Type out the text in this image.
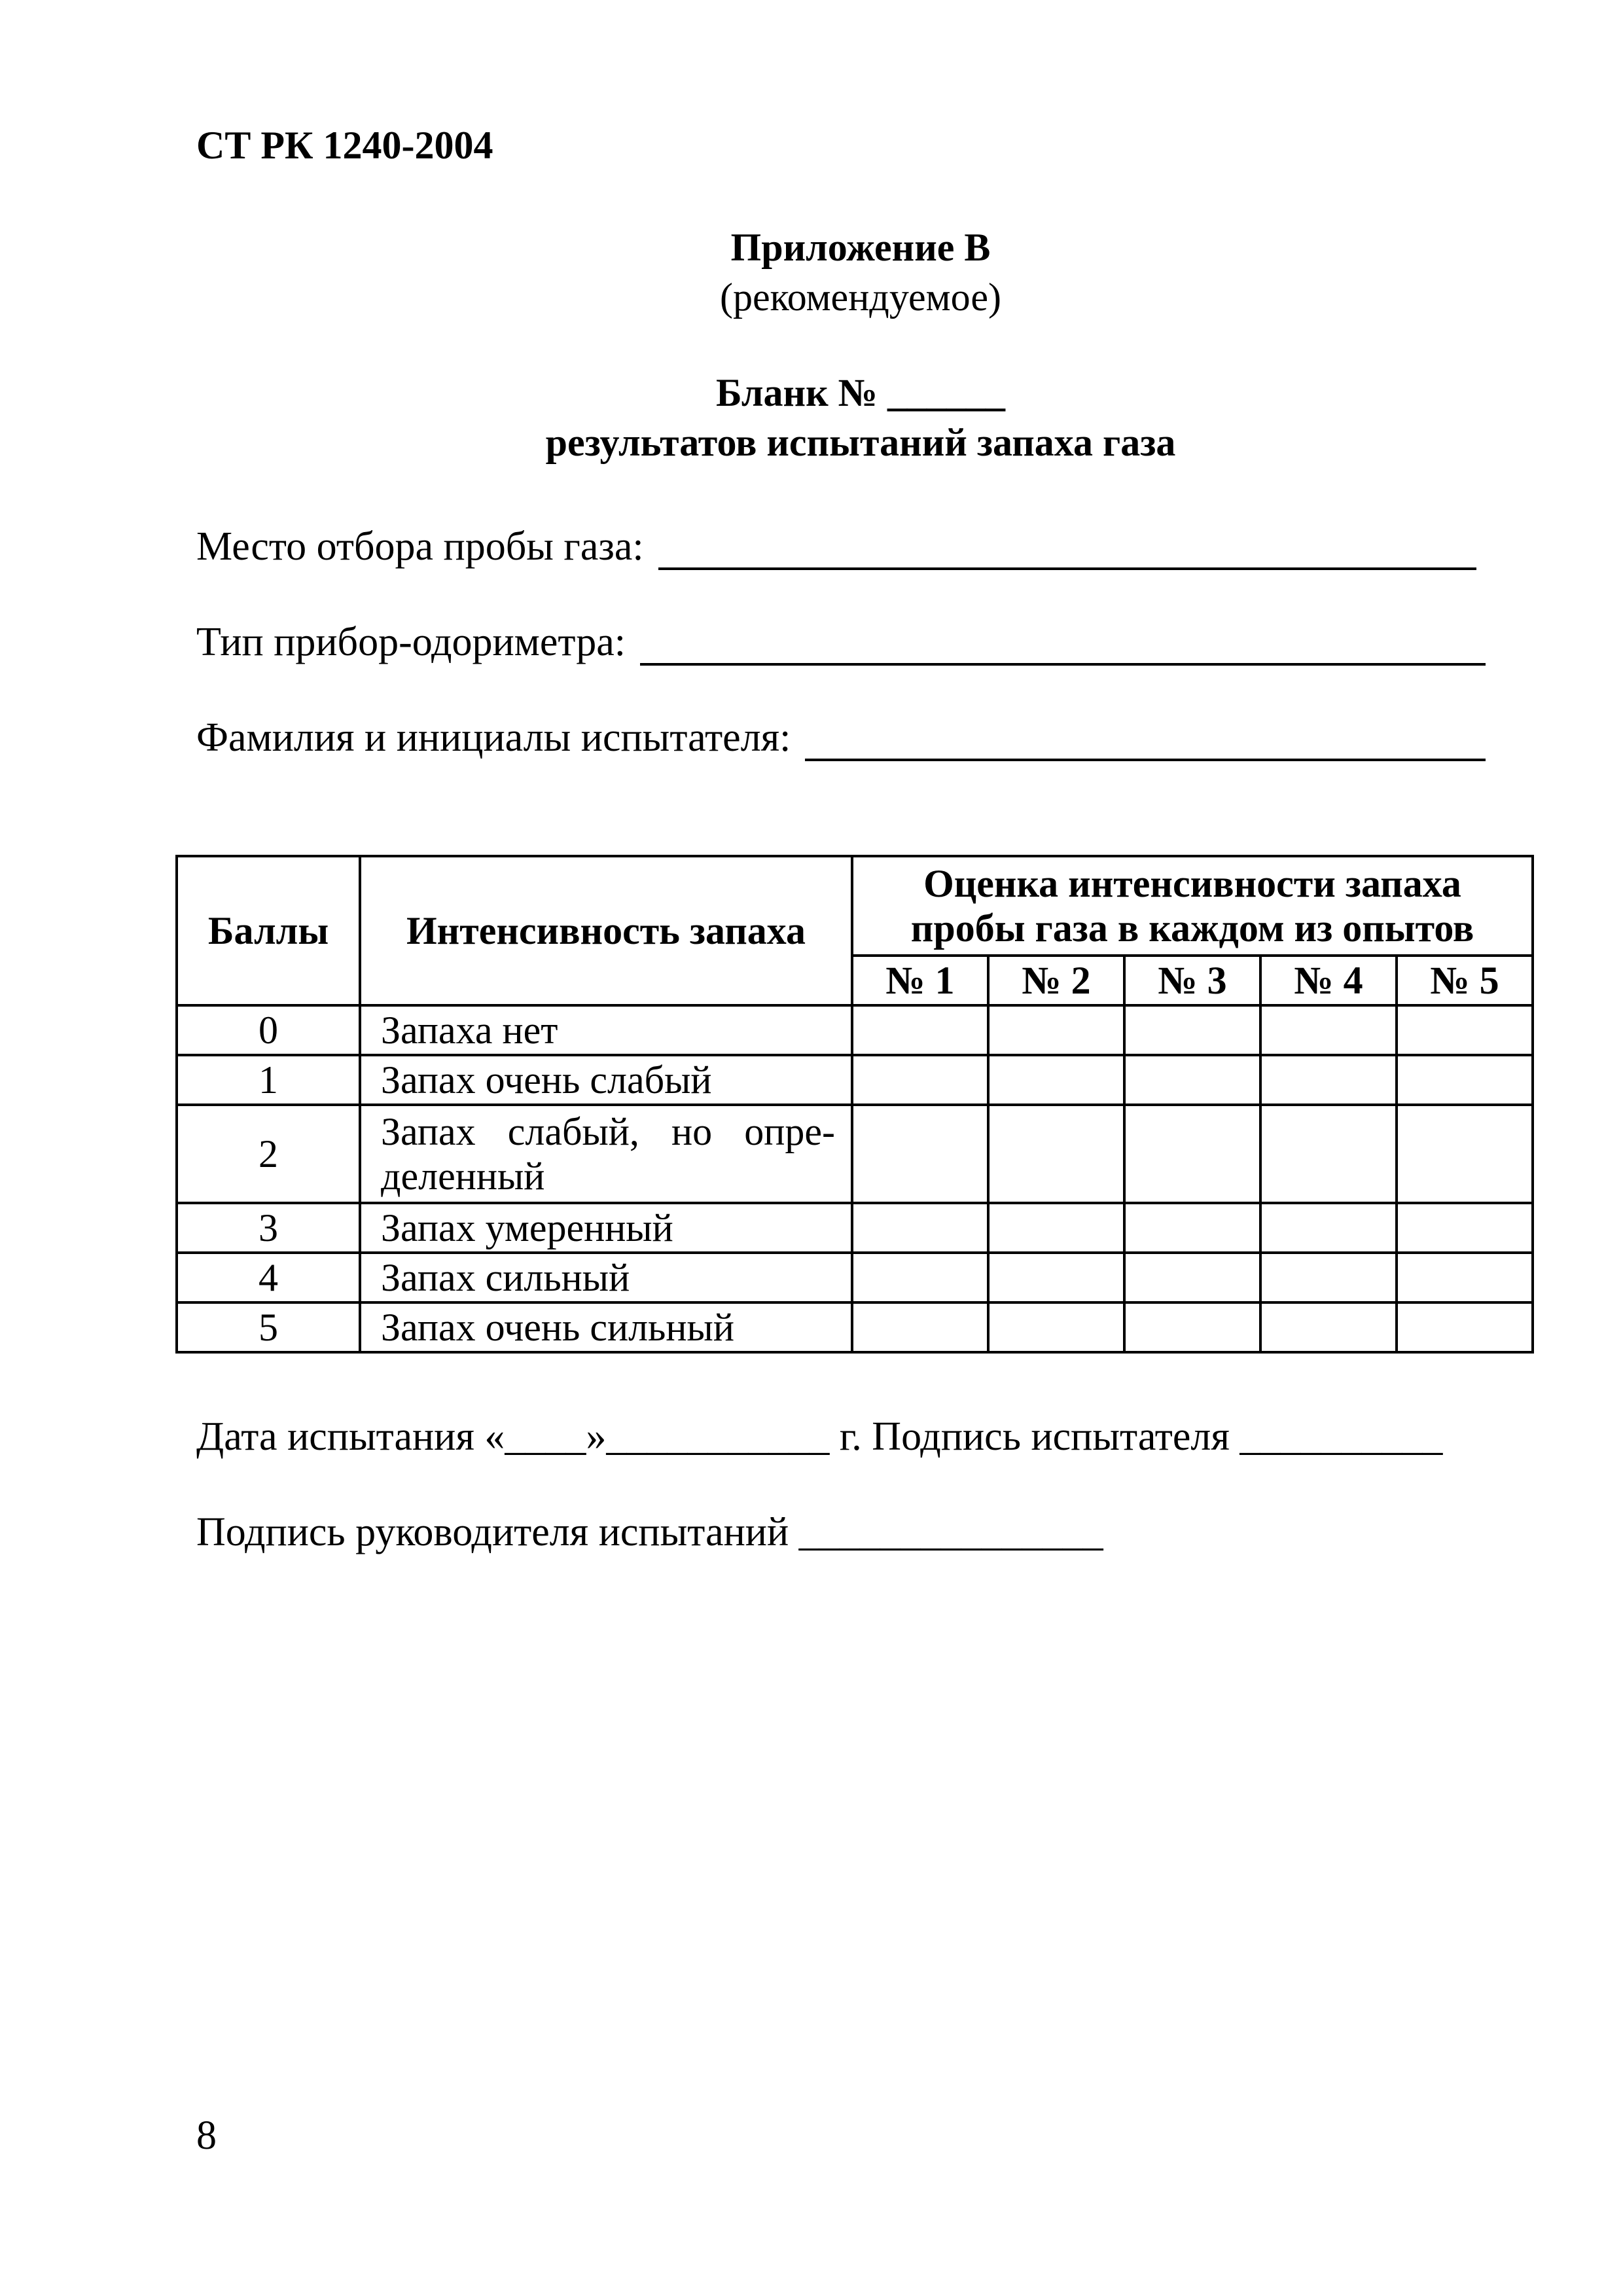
СТ РК 1240-2004
Приложение В
(рекомендуемое)
Бланк № ______
результатов испытаний запаха газа
Место отбора пробы газа:
Тип прибор-одориметра:
Фамилия и инициалы испытателя:
Баллы	Интенсивность запаха	Оценка интенсивности запаха пробы газа в каждом из опытов				
		№ 1	№ 2	№ 3	№ 4	№ 5
0	Запаха нет					
1	Запах очень слабый					
2	Запах слабый, но опре-деленный					
3	Запах умеренный					
4	Запах сильный					
5	Запах очень сильный					
Дата испытания «____»___________ г. Подпись испытателя __________
Подпись руководителя испытаний _______________
8
